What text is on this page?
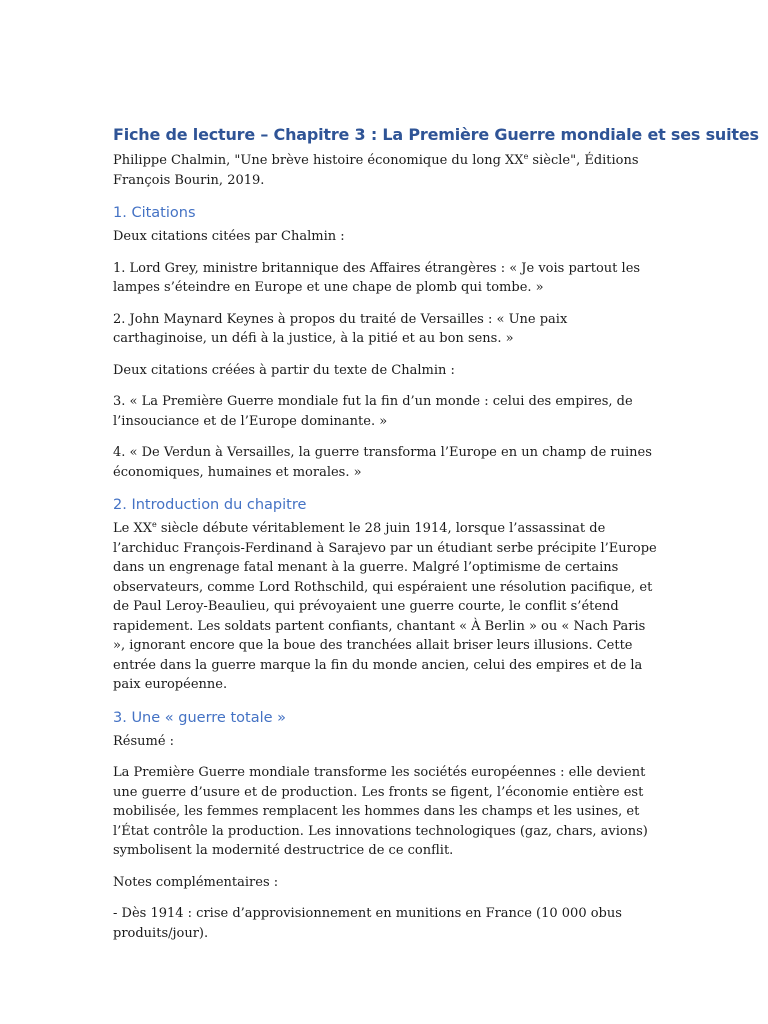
Fiche de lecture – Chapitre 3 : La Première Guerre mondiale et ses suites

Philippe Chalmin, "Une brève histoire économique du long XXe siècle", Éditions François Bourin, 2019.

1. Citations

Deux citations citées par Chalmin :

1. Lord Grey, ministre britannique des Affaires étrangères : « Je vois partout les lampes s’éteindre en Europe et une chape de plomb qui tombe. »

2. John Maynard Keynes à propos du traité de Versailles : « Une paix carthaginoise, un défi à la justice, à la pitié et au bon sens. »

Deux citations créées à partir du texte de Chalmin :

3. « La Première Guerre mondiale fut la fin d’un monde : celui des empires, de l’insouciance et de l’Europe dominante. »

4. « De Verdun à Versailles, la guerre transforma l’Europe en un champ de ruines économiques, humaines et morales. »

2. Introduction du chapitre

Le XXe siècle débute véritablement le 28 juin 1914, lorsque l’assassinat de l’archiduc François-Ferdinand à Sarajevo par un étudiant serbe précipite l’Europe dans un engrenage fatal menant à la guerre. Malgré l’optimisme de certains observateurs, comme Lord Rothschild, qui espéraient une résolution pacifique, et de Paul Leroy-Beaulieu, qui prévoyaient une guerre courte, le conflit s’étend rapidement. Les soldats partent confiants, chantant « À Berlin » ou « Nach Paris », ignorant encore que la boue des tranchées allait briser leurs illusions. Cette entrée dans la guerre marque la fin du monde ancien, celui des empires et de la paix européenne.

3. Une « guerre totale »

Résumé :

La Première Guerre mondiale transforme les sociétés européennes : elle devient une guerre d’usure et de production. Les fronts se figent, l’économie entière est mobilisée, les femmes remplacent les hommes dans les champs et les usines, et l’État contrôle la production. Les innovations technologiques (gaz, chars, avions) symbolisent la modernité destructrice de ce conflit.

Notes complémentaires :

- Dès 1914 : crise d’approvisionnement en munitions en France (10 000 obus produits/jour).
